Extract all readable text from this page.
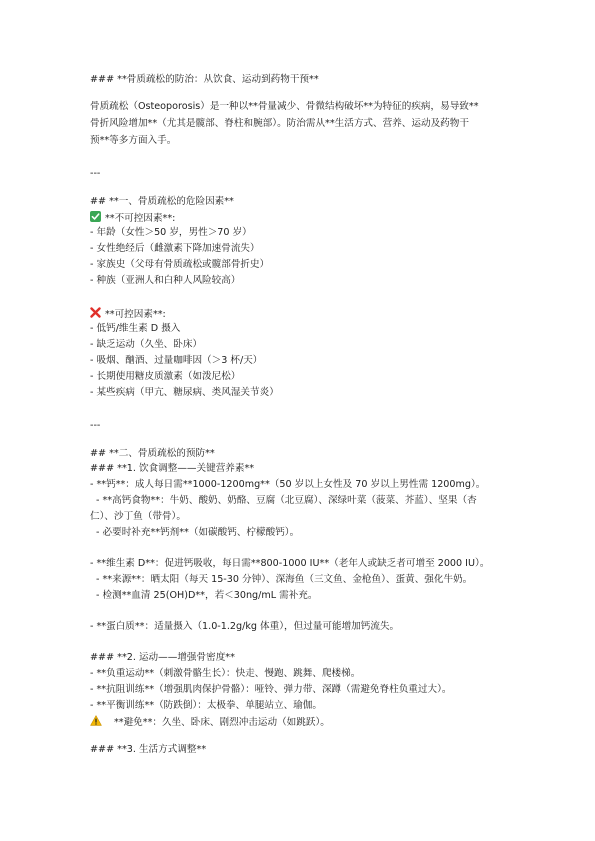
### **骨质疏松的防治：从饮食、运动到药物干预**
骨质疏松（Osteoporosis）是一种以**骨量减少、骨微结构破坏**为特征的疾病，易导致**
骨折风险增加**（尤其是髋部、脊柱和腕部）。防治需从**生活方式、营养、运动及药物干
预**等多方面入手。
---
## **一、骨质疏松的危险因素**
**不可控因素**:
- 年龄（女性＞50 岁，男性＞70 岁）
- 女性绝经后（雌激素下降加速骨流失）
- 家族史（父母有骨质疏松或髋部骨折史）
- 种族（亚洲人和白种人风险较高）
**可控因素**:
- 低钙/维生素 D 摄入
- 缺乏运动（久坐、卧床）
- 吸烟、酗酒、过量咖啡因（＞3 杯/天）
- 长期使用糖皮质激素（如泼尼松）
- 某些疾病（甲亢、糖尿病、类风湿关节炎）
---
## **二、骨质疏松的预防**
### **1. 饮食调整——关键营养素**
- **钙**：成人每日需**1000-1200mg**（50 岁以上女性及 70 岁以上男性需 1200mg）。
- **高钙食物**：牛奶、酸奶、奶酪、豆腐（北豆腐）、深绿叶菜（菠菜、芥蓝）、坚果（杏
仁）、沙丁鱼（带骨）。
- 必要时补充**钙剂**（如碳酸钙、柠檬酸钙）。
- **维生素 D**：促进钙吸收，每日需**800-1000 IU**（老年人或缺乏者可增至 2000 IU）。
- **来源**：晒太阳（每天 15-30 分钟）、深海鱼（三文鱼、金枪鱼）、蛋黄、强化牛奶。
- 检测**血清 25(OH)D**，若＜30ng/mL 需补充。
- **蛋白质**：适量摄入（1.0-1.2g/kg 体重），但过量可能增加钙流失。
### **2. 运动——增强骨密度**
- **负重运动**（刺激骨骼生长）：快走、慢跑、跳舞、爬楼梯。
- **抗阻训练**（增强肌肉保护骨骼）：哑铃、弹力带、深蹲（需避免脊柱负重过大）。
- **平衡训练**（防跌倒）：太极拳、单腿站立、瑜伽。
**避免**：久坐、卧床、剧烈冲击运动（如跳跃）。
### **3. 生活方式调整**
